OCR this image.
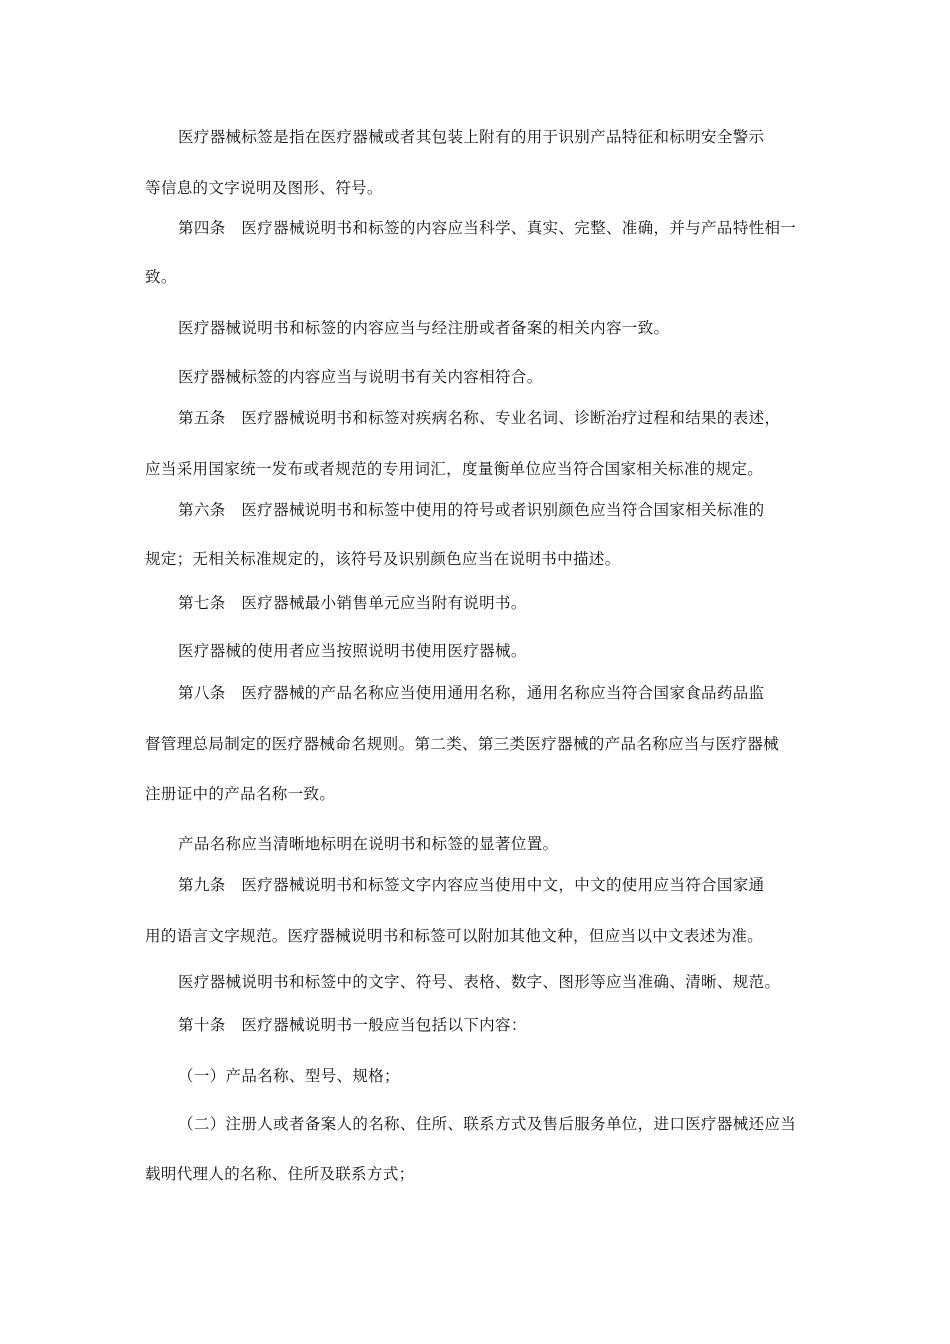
医疗器械标签是指在医疗器械或者其包装上附有的用于识别产品特征和标明安全警示
等信息的文字说明及图形、符号。
第四条　医疗器械说明书和标签的内容应当科学、真实、完整、准确，并与产品特性相一
致。
医疗器械说明书和标签的内容应当与经注册或者备案的相关内容一致。
医疗器械标签的内容应当与说明书有关内容相符合。
第五条　医疗器械说明书和标签对疾病名称、专业名词、诊断治疗过程和结果的表述，
应当采用国家统一发布或者规范的专用词汇，度量衡单位应当符合国家相关标准的规定。
第六条　医疗器械说明书和标签中使用的符号或者识别颜色应当符合国家相关标准的
规定；无相关标准规定的，该符号及识别颜色应当在说明书中描述。
第七条　医疗器械最小销售单元应当附有说明书。
医疗器械的使用者应当按照说明书使用医疗器械。
第八条　医疗器械的产品名称应当使用通用名称，通用名称应当符合国家食品药品监
督管理总局制定的医疗器械命名规则。第二类、第三类医疗器械的产品名称应当与医疗器械
注册证中的产品名称一致。
产品名称应当清晰地标明在说明书和标签的显著位置。
第九条　医疗器械说明书和标签文字内容应当使用中文，中文的使用应当符合国家通
用的语言文字规范。医疗器械说明书和标签可以附加其他文种，但应当以中文表述为准。
医疗器械说明书和标签中的文字、符号、表格、数字、图形等应当准确、清晰、规范。
第十条　医疗器械说明书一般应当包括以下内容：
（一）产品名称、型号、规格；
（二）注册人或者备案人的名称、住所、联系方式及售后服务单位，进口医疗器械还应当
载明代理人的名称、住所及联系方式；
